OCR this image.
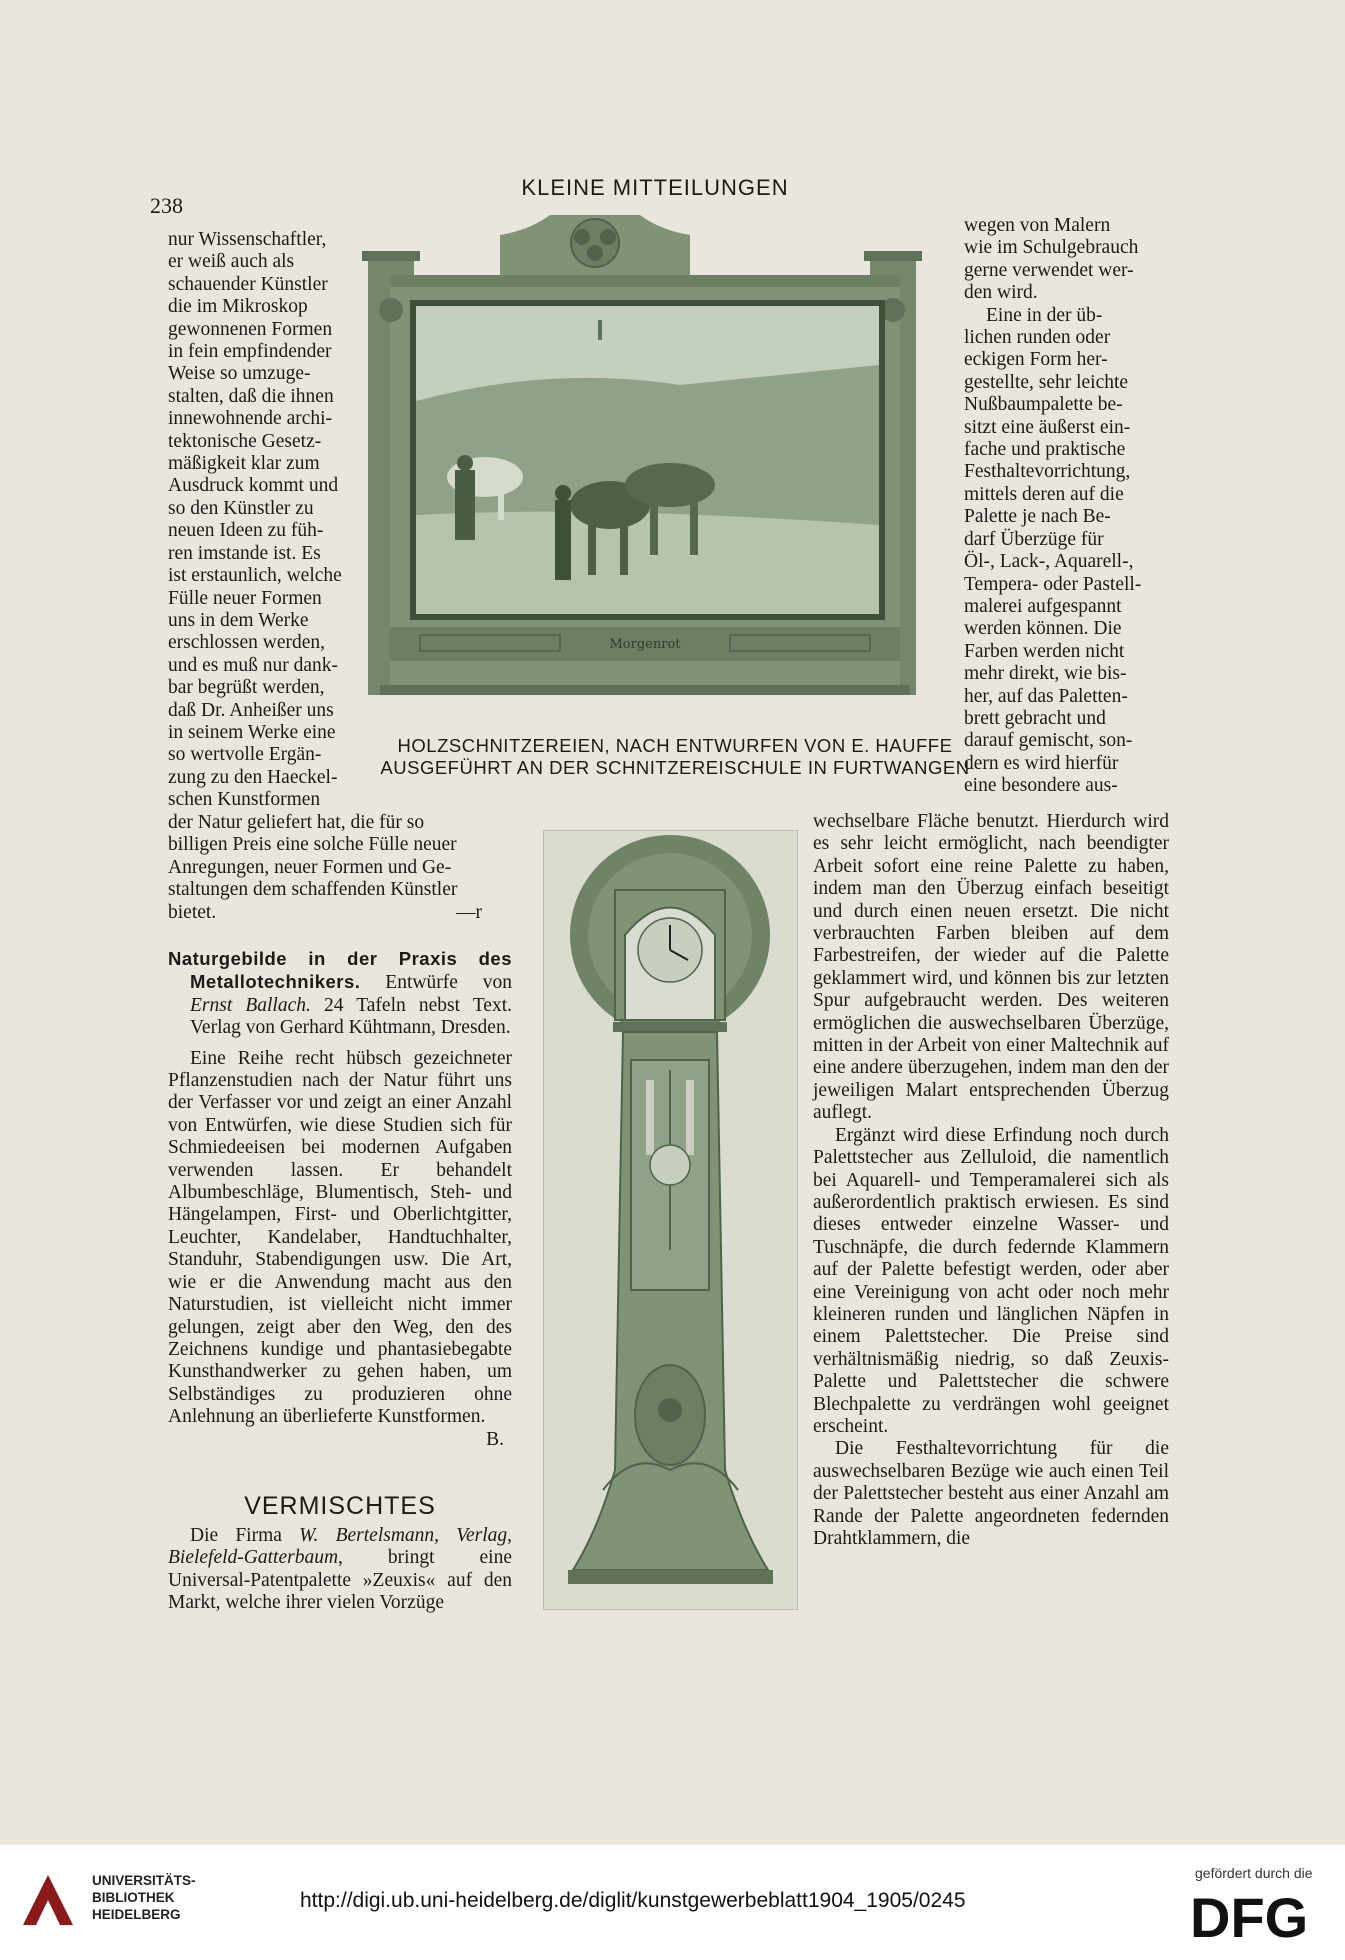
238
KLEINE MITTEILUNGEN
Morgenrot
HOLZSCHNITZEREIEN, NACH ENTWURFEN VON E. HAUFFE
AUSGEFÜHRT AN DER SCHNITZEREISCHULE IN FURTWANGEN
nur Wissenschaftler,
er weiß auch als
schauender Künstler
die im Mikroskop
gewonnenen Formen
in fein empfindender
Weise so umzuge-
stalten, daß die ihnen
innewohnende archi-
tektonische Gesetz-
mäßigkeit klar zum
Ausdruck kommt und
so den Künstler zu
neuen Ideen zu füh-
ren imstande ist. Es
ist erstaunlich, welche
Fülle neuer Formen
uns in dem Werke
erschlossen werden,
und es muß nur dank-
bar begrüßt werden,
daß Dr. Anheißer uns
in seinem Werke eine
so wertvolle Ergän-
zung zu den Haeckel-
schen Kunstformen
der Natur geliefert hat, die für so
billigen Preis eine solche Fülle neuer
Anregungen, neuer Formen und Ge-
staltungen dem schaffenden Künstler
bietet.	—r

Naturgebilde in der Praxis des Metallotechnikers. Entwürfe von Ernst Ballach. 24 Tafeln nebst Text. Verlag von Gerhard Kühtmann, Dresden.

Eine Reihe recht hübsch gezeichneter Pflanzenstudien nach der Natur führt uns der Verfasser vor und zeigt an einer Anzahl von Entwürfen, wie diese Studien sich für Schmiedeeisen bei modernen Aufgaben verwenden lassen. Er behandelt Albumbeschläge, Blumentisch, Steh- und Hängelampen, First- und Oberlichtgitter, Leuchter, Kandelaber, Handtuchhalter, Standuhr, Stabendigungen usw. Die Art, wie er die Anwendung macht aus den Naturstudien, ist vielleicht nicht immer gelungen, zeigt aber den Weg, den des Zeichnens kundige und phantasiebegabte Kunsthandwerker zu gehen haben, um Selbständiges zu produzieren ohne Anlehnung an überlieferte Kunstformen.

B.

VERMISCHTES

Die Firma W. Bertelsmann, Verlag, Bielefeld-Gatterbaum, bringt eine Universal-Patentpalette »Zeuxis« auf den Markt, welche ihrer vielen Vorzüge

wegen von Malern
wie im Schulgebrauch
gerne verwendet wer-
den wird.
Eine in der üb-
lichen runden oder
eckigen Form her-
gestellte, sehr leichte
Nußbaumpalette be-
sitzt eine äußerst ein-
fache und praktische
Festhaltevorrichtung,
mittels deren auf die
Palette je nach Be-
darf Überzüge für
Öl-, Lack-, Aquarell-,
Tempera- oder Pastell-
malerei aufgespannt
werden können. Die
Farben werden nicht
mehr direkt, wie bis-
her, auf das Paletten-
brett gebracht und
darauf gemischt, son-
dern es wird hierfür
eine besondere aus-

wechselbare Fläche benutzt. Hierdurch wird es sehr leicht ermöglicht, nach beendigter Arbeit sofort eine reine Palette zu haben, indem man den Überzug einfach beseitigt und durch einen neuen ersetzt. Die nicht verbrauchten Farben bleiben auf dem Farbestreifen, der wieder auf die Palette geklammert wird, und können bis zur letzten Spur aufgebraucht werden. Des weiteren ermöglichen die auswechselbaren Überzüge, mitten in der Arbeit von einer Maltechnik auf eine andere überzugehen, indem man den der jeweiligen Malart entsprechenden Überzug auflegt.

Ergänzt wird diese Erfindung noch durch Palettstecher aus Zelluloid, die namentlich bei Aquarell- und Temperamalerei sich als außerordentlich praktisch erwiesen. Es sind dieses entweder einzelne Wasser- und Tuschnäpfe, die durch federnde Klammern auf der Palette befestigt werden, oder aber eine Vereinigung von acht oder noch mehr kleineren runden und länglichen Näpfen in einem Palettstecher. Die Preise sind verhältnismäßig niedrig, so daß Zeuxis-Palette und Palettstecher die schwere Blechpalette zu verdrängen wohl geeignet erscheint.

Die Festhaltevorrichtung für die auswechselbaren Bezüge wie auch einen Teil der Palettstecher besteht aus einer Anzahl am Rande der Palette angeordneten federnden Drahtklammern, die

UNIVERSITÄTS-
BIBLIOTHEK
HEIDELBERG
http://digi.ub.uni-heidelberg.de/diglit/kunstgewerbeblatt1904_1905/0245
gefördert durch die
DFG
